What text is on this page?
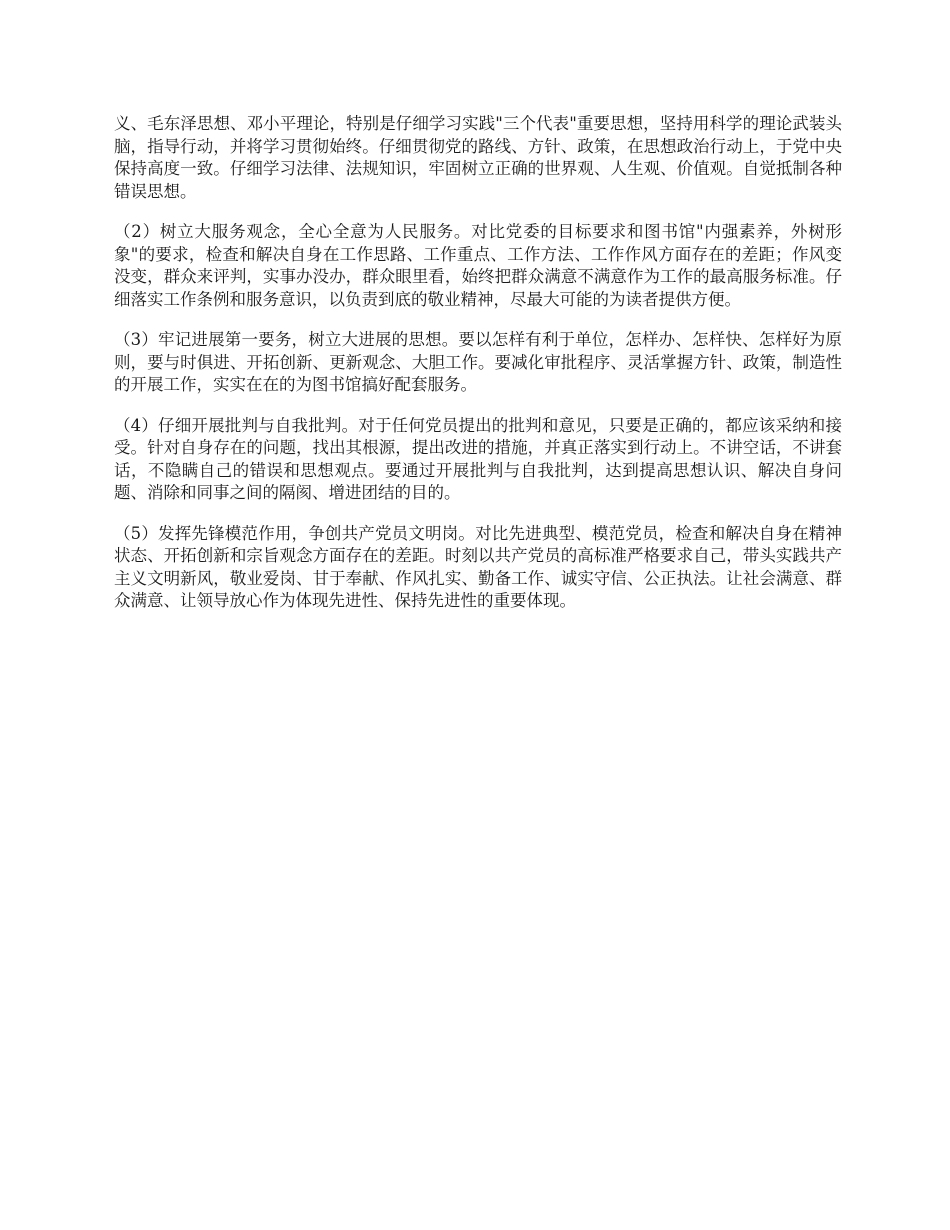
义、毛东泽思想、邓小平理论，特别是仔细学习实践"三个代表"重要思想，坚持用科学的理论武装头脑，指导行动，并将学习贯彻始终。仔细贯彻党的路线、方针、政策，在思想政治行动上，于党中央保持高度一致。仔细学习法律、法规知识，牢固树立正确的世界观、人生观、价值观。自觉抵制各种错误思想。

（2）树立大服务观念，全心全意为人民服务。对比党委的目标要求和图书馆"内强素养，外树形象"的要求，检查和解决自身在工作思路、工作重点、工作方法、工作作风方面存在的差距；作风变没变，群众来评判，实事办没办，群众眼里看，始终把群众满意不满意作为工作的最高服务标准。仔细落实工作条例和服务意识，以负责到底的敬业精神，尽最大可能的为读者提供方便。

（3）牢记进展第一要务，树立大进展的思想。要以怎样有利于单位，怎样办、怎样快、怎样好为原则，要与时俱进、开拓创新、更新观念、大胆工作。要减化审批程序、灵活掌握方针、政策，制造性的开展工作，实实在在的为图书馆搞好配套服务。

（4）仔细开展批判与自我批判。对于任何党员提出的批判和意见，只要是正确的，都应该采纳和接受。针对自身存在的问题，找出其根源，提出改进的措施，并真正落实到行动上。不讲空话，不讲套话，不隐瞒自己的错误和思想观点。要通过开展批判与自我批判，达到提高思想认识、解决自身问题、消除和同事之间的隔阂、增进团结的目的。

（5）发挥先锋模范作用，争创共产党员文明岗。对比先进典型、模范党员，检查和解决自身在精神状态、开拓创新和宗旨观念方面存在的差距。时刻以共产党员的高标准严格要求自己，带头实践共产主义文明新风，敬业爱岗、甘于奉献、作风扎实、勤备工作、诚实守信、公正执法。让社会满意、群众满意、让领导放心作为体现先进性、保持先进性的重要体现。
